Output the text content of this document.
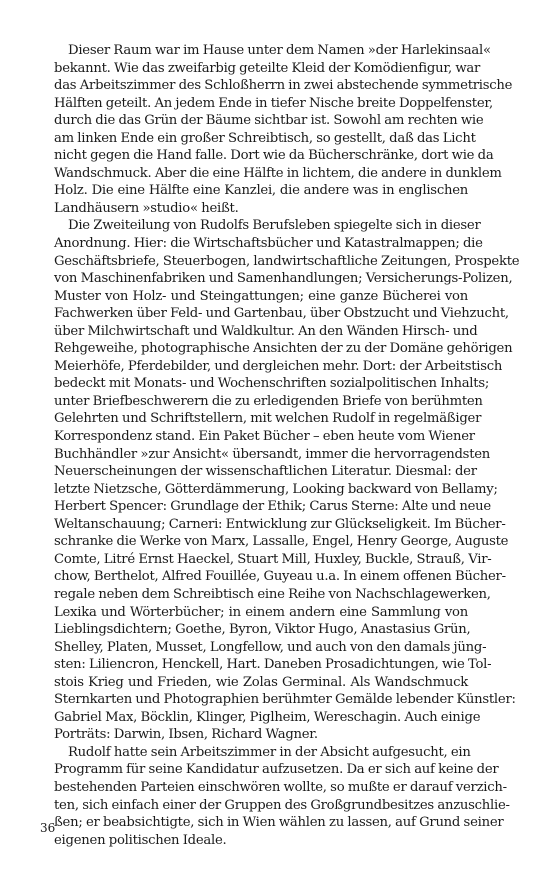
Dieser Raum war im Hause unter dem Namen »der Harlekinsaal«
bekannt. Wie das zweifarbig geteilte Kleid der Komödienfigur, war
das Arbeitszimmer des Schloßherrn in zwei abstechende symmetrische
Hälften geteilt. An jedem Ende in tiefer Nische breite Doppelfenster,
durch die das Grün der Bäume sichtbar ist. Sowohl am rechten wie
am linken Ende ein großer Schreibtisch, so gestellt, daß das Licht
nicht gegen die Hand falle. Dort wie da Bücherschränke, dort wie da
Wandschmuck. Aber die eine Hälfte in lichtem, die andere in dunklem
Holz. Die eine Hälfte eine Kanzlei, die andere was in englischen
Landhäusern »studio« heißt.

Die Zweiteilung von Rudolfs Berufsleben spiegelte sich in dieser
Anordnung. Hier: die Wirtschaftsbücher und Katastralmappen; die
Geschäftsbriefe, Steuerbogen, landwirtschaftliche Zeitungen, Prospekte
von Maschinenfabriken und Samenhandlungen; Versicherungs-Polizen,
Muster von Holz- und Steingattungen; eine ganze Bücherei von
Fachwerken über Feld- und Gartenbau, über Obstzucht und Viehzucht,
über Milchwirtschaft und Waldkultur. An den Wänden Hirsch- und
Rehgeweihe, photographische Ansichten der zu der Domäne gehörigen
Meierhöfe, Pferdebilder, und dergleichen mehr. Dort: der Arbeitstisch
bedeckt mit Monats- und Wochenschriften sozialpolitischen Inhalts;
unter Briefbeschwerern die zu erledigenden Briefe von berühmten
Gelehrten und Schriftstellern, mit welchen Rudolf in regelmäßiger
Korrespondenz stand. Ein Paket Bücher – eben heute vom Wiener
Buchhändler »zur Ansicht« übersandt, immer die hervorragendsten
Neuerscheinungen der wissenschaftlichen Literatur. Diesmal: der
letzte Nietzsche, Götterdämmerung, Looking backward von Bellamy;
Herbert Spencer: Grundlage der Ethik; Carus Sterne: Alte und neue
Weltanschauung; Carneri: Entwicklung zur Glückseligkeit. Im Bücher-
schranke die Werke von Marx, Lassalle, Engel, Henry George, Auguste
Comte, Litré Ernst Haeckel, Stuart Mill, Huxley, Buckle, Strauß, Vir-
chow, Berthelot, Alfred Fouillée, Guyeau u.a. In einem offenen Bücher-
regale neben dem Schreibtisch eine Reihe von Nachschlagewerken,
Lexika und Wörterbücher; in einem andern eine Sammlung von
Lieblingsdichtern; Goethe, Byron, Viktor Hugo, Anastasius Grün,
Shelley, Platen, Musset, Longfellow, und auch von den damals jüng-
sten: Liliencron, Henckell, Hart. Daneben Prosadichtungen, wie Tol-
stois Krieg und Frieden, wie Zolas Germinal. Als Wandschmuck
Sternkarten und Photographien berühmter Gemälde lebender Künstler:
Gabriel Max, Böcklin, Klinger, Piglheim, Wereschagin. Auch einige
Porträts: Darwin, Ibsen, Richard Wagner.

Rudolf hatte sein Arbeitszimmer in der Absicht aufgesucht, ein
Programm für seine Kandidatur aufzusetzen. Da er sich auf keine der
bestehenden Parteien einschwören wollte, so mußte er darauf verzich-
ten, sich einfach einer der Gruppen des Großgrundbesitzes anzuschlie-
ßen; er beabsichtigte, sich in Wien wählen zu lassen, auf Grund seiner
eigenen politischen Ideale.

36
